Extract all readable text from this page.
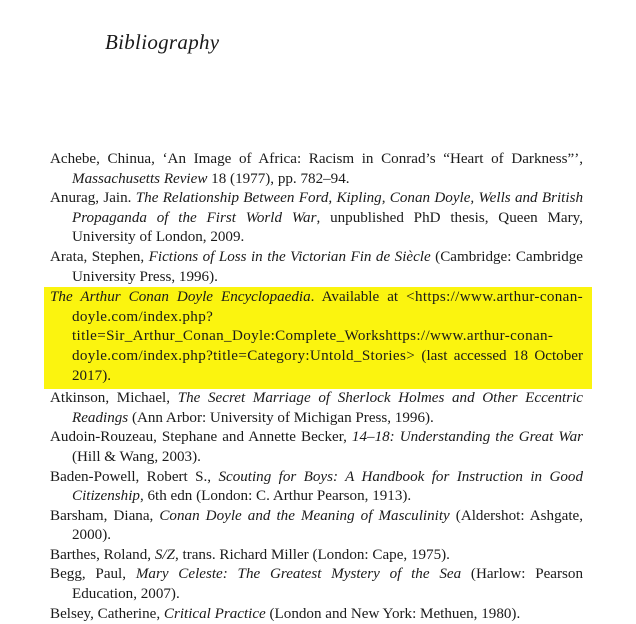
Bibliography

Achebe, Chinua, ‘An Image of Africa: Racism in Conrad’s “Heart of Darkness”’, Massachusetts Review 18 (1977), pp. 782–94.

Anurag, Jain. The Relationship Between Ford, Kipling, Conan Doyle, Wells and British Propaganda of the First World War, unpublished PhD thesis, Queen Mary, University of London, 2009.

Arata, Stephen, Fictions of Loss in the Victorian Fin de Siècle (Cambridge: Cambridge University Press, 1996).

The Arthur Conan Doyle Encyclopaedia. Available at <https://www.arthur-conan-doyle.com/index.php?title=Sir_Arthur_Conan_Doyle:Complete_Workshttps://www.arthur-conan-doyle.com/index.php?title=Category:Untold_Stories> (last accessed 18 October 2017).

Atkinson, Michael, The Secret Marriage of Sherlock Holmes and Other Eccentric Readings (Ann Arbor: University of Michigan Press, 1996).

Audoin-Rouzeau, Stephane and Annette Becker, 14–18: Understanding the Great War (Hill & Wang, 2003).

Baden-Powell, Robert S., Scouting for Boys: A Handbook for Instruction in Good Citizenship, 6th edn (London: C. Arthur Pearson, 1913).

Barsham, Diana, Conan Doyle and the Meaning of Masculinity (Aldershot: Ashgate, 2000).

Barthes, Roland, S/Z, trans. Richard Miller (London: Cape, 1975).

Begg, Paul, Mary Celeste: The Greatest Mystery of the Sea (Harlow: Pearson Education, 2007).

Belsey, Catherine, Critical Practice (London and New York: Methuen, 1980).
